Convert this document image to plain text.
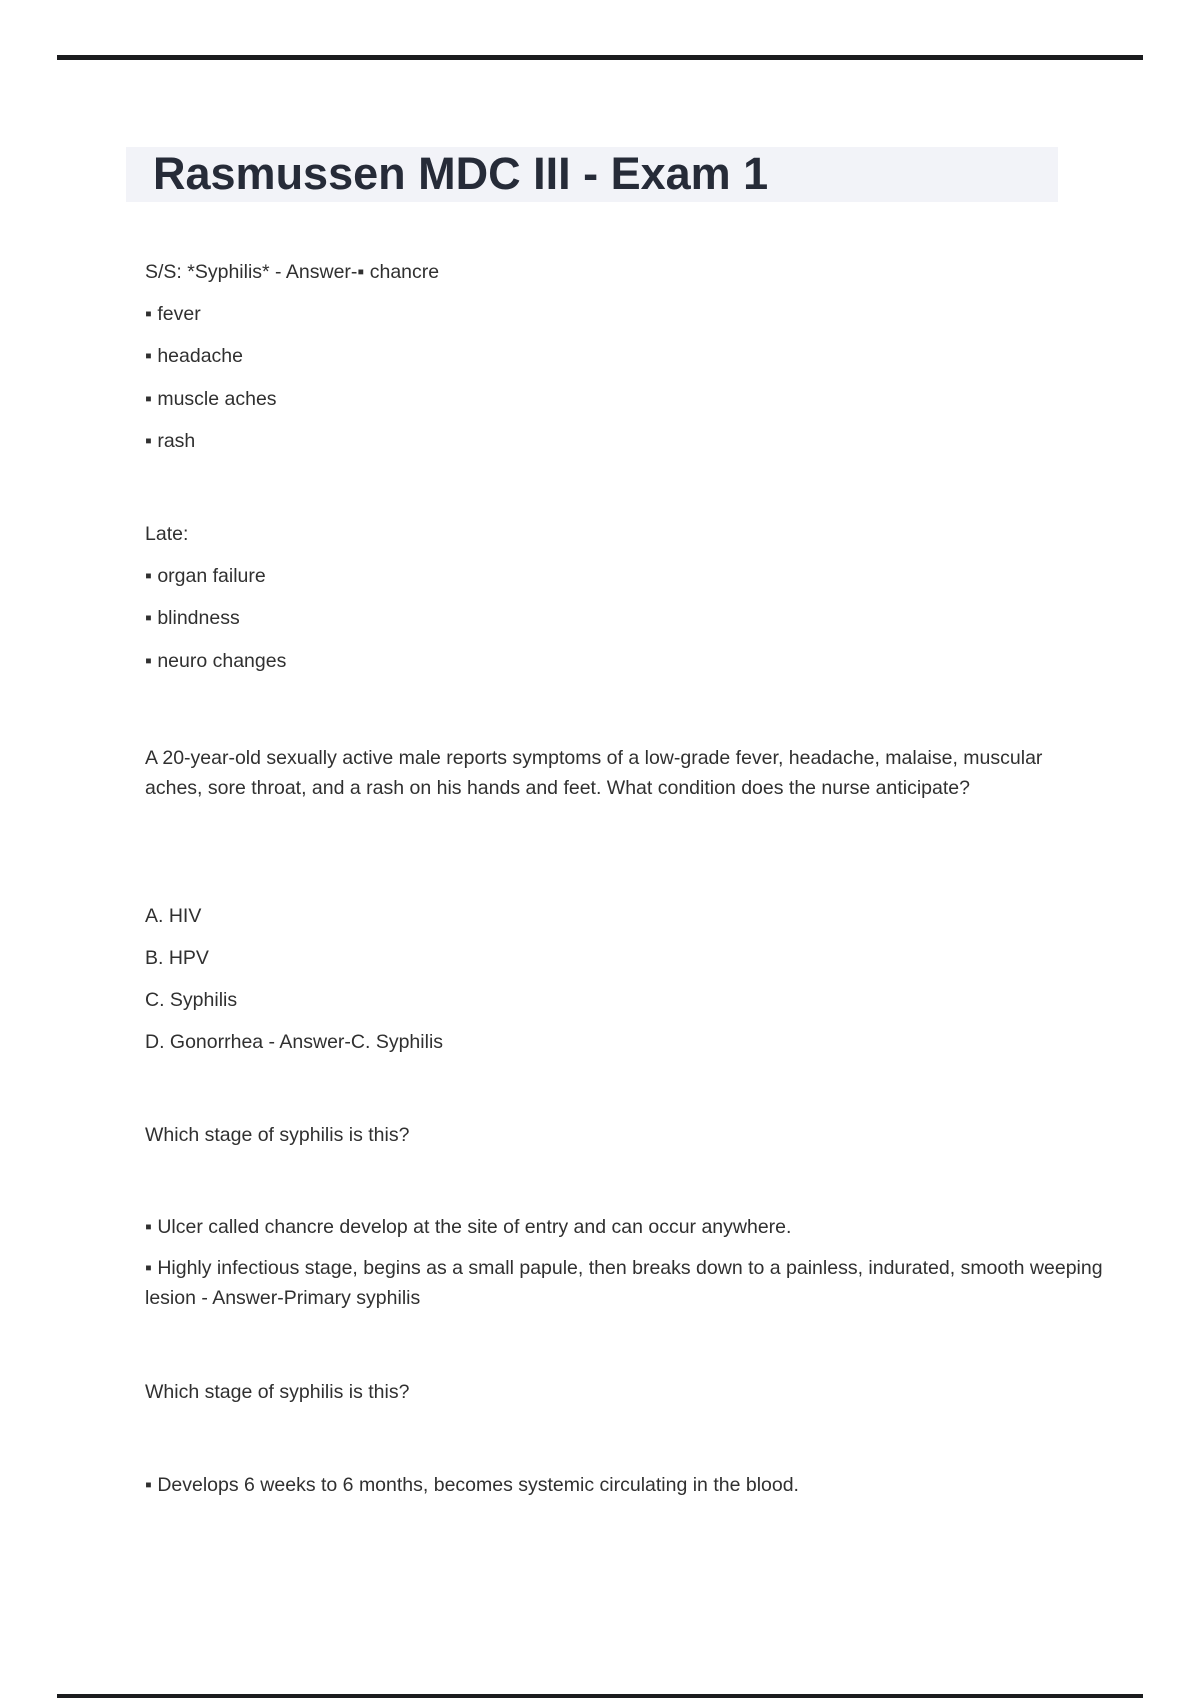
Rasmussen MDC III - Exam 1
S/S: *Syphilis* - Answer-▪ chancre
▪ fever
▪ headache
▪ muscle aches
▪ rash
Late:
▪ organ failure
▪ blindness
▪ neuro changes
A 20-year-old sexually active male reports symptoms of a low-grade fever, headache, malaise, muscular aches, sore throat, and a rash on his hands and feet. What condition does the nurse anticipate?
A. HIV
B. HPV
C. Syphilis
D. Gonorrhea - Answer-C. Syphilis
Which stage of syphilis is this?
▪ Ulcer called chancre develop at the site of entry and can occur anywhere.
▪ Highly infectious stage, begins as a small papule, then breaks down to a painless, indurated, smooth weeping lesion - Answer-Primary syphilis
Which stage of syphilis is this?
▪ Develops 6 weeks to 6 months, becomes systemic circulating in the blood.
